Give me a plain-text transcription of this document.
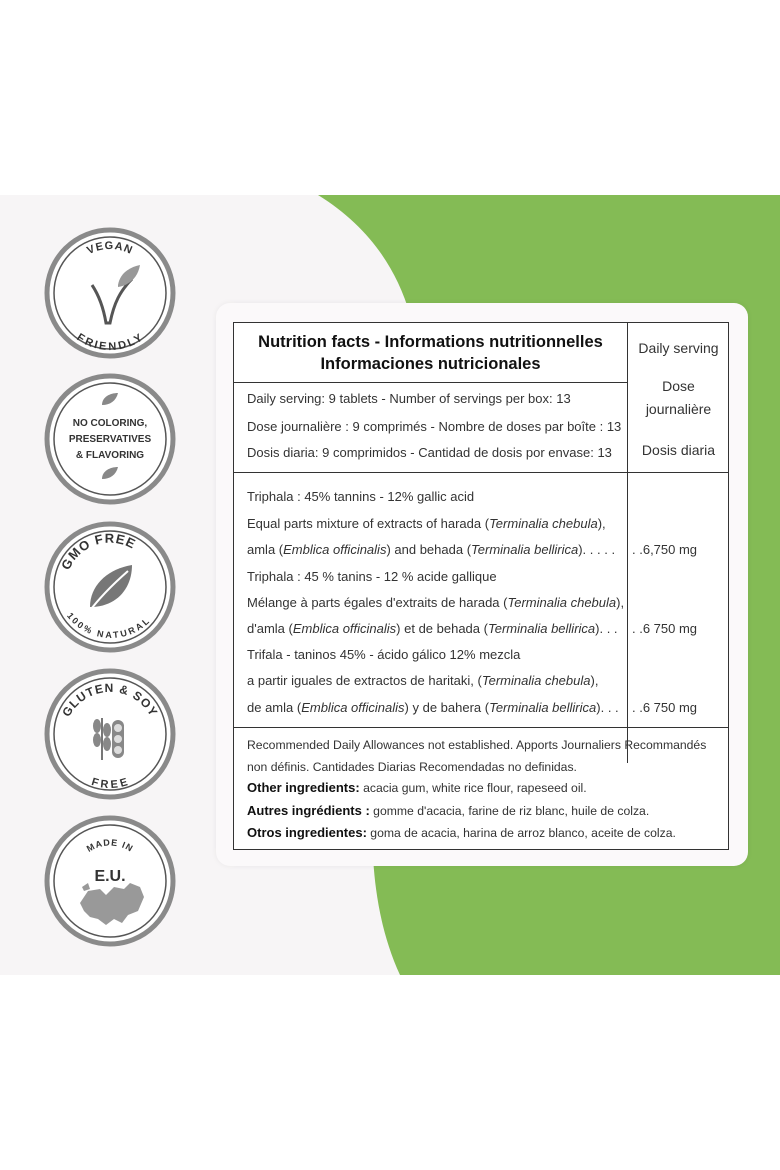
VEGAN
FRIENDLY
NO COLORING,
PRESERVATIVES
& FLAVORING
GMO FREE
100% NATURAL
GLUTEN & SOY
FREE
MADE IN
E.U.
Nutrition facts - Informations nutritionnelles
Informaciones nutricionales
Daily serving
Dose
journalière
Dosis diaria
Daily serving: 9 tablets - Number of servings per box: 13
Dose journalière : 9 comprimés - Nombre de doses par boîte : 13
Dosis diaria: 9 comprimidos - Cantidad de dosis por envase: 13
Triphala : 45% tannins - 12% gallic acid
Equal parts mixture of extracts of harada (Terminalia chebula),
amla (Emblica officinalis) and behada (Terminalia bellirica). . . . . . .6,750 mg
Triphala : 45 % tanins - 12 % acide gallique
Mélange à parts égales d'extraits de harada (Terminalia chebula),
d'amla (Emblica officinalis) et de behada (Terminalia bellirica). . . . .6 750 mg
Trifala - taninos 45% - ácido gálico 12% mezcla
a partir iguales de extractos de haritaki, (Terminalia chebula),
de amla (Emblica officinalis) y de bahera (Terminalia bellirica). . . . .6 750 mg
Recommended Daily Allowances not established. Apports Journaliers Recommandés
non définis. Cantidades Diarias Recomendadas no definidas.
Other ingredients: acacia gum, white rice flour, rapeseed oil.
Autres ingrédients : gomme d'acacia, farine de riz blanc, huile de colza.
Otros ingredientes: goma de acacia, harina de arroz blanco, aceite de colza.
